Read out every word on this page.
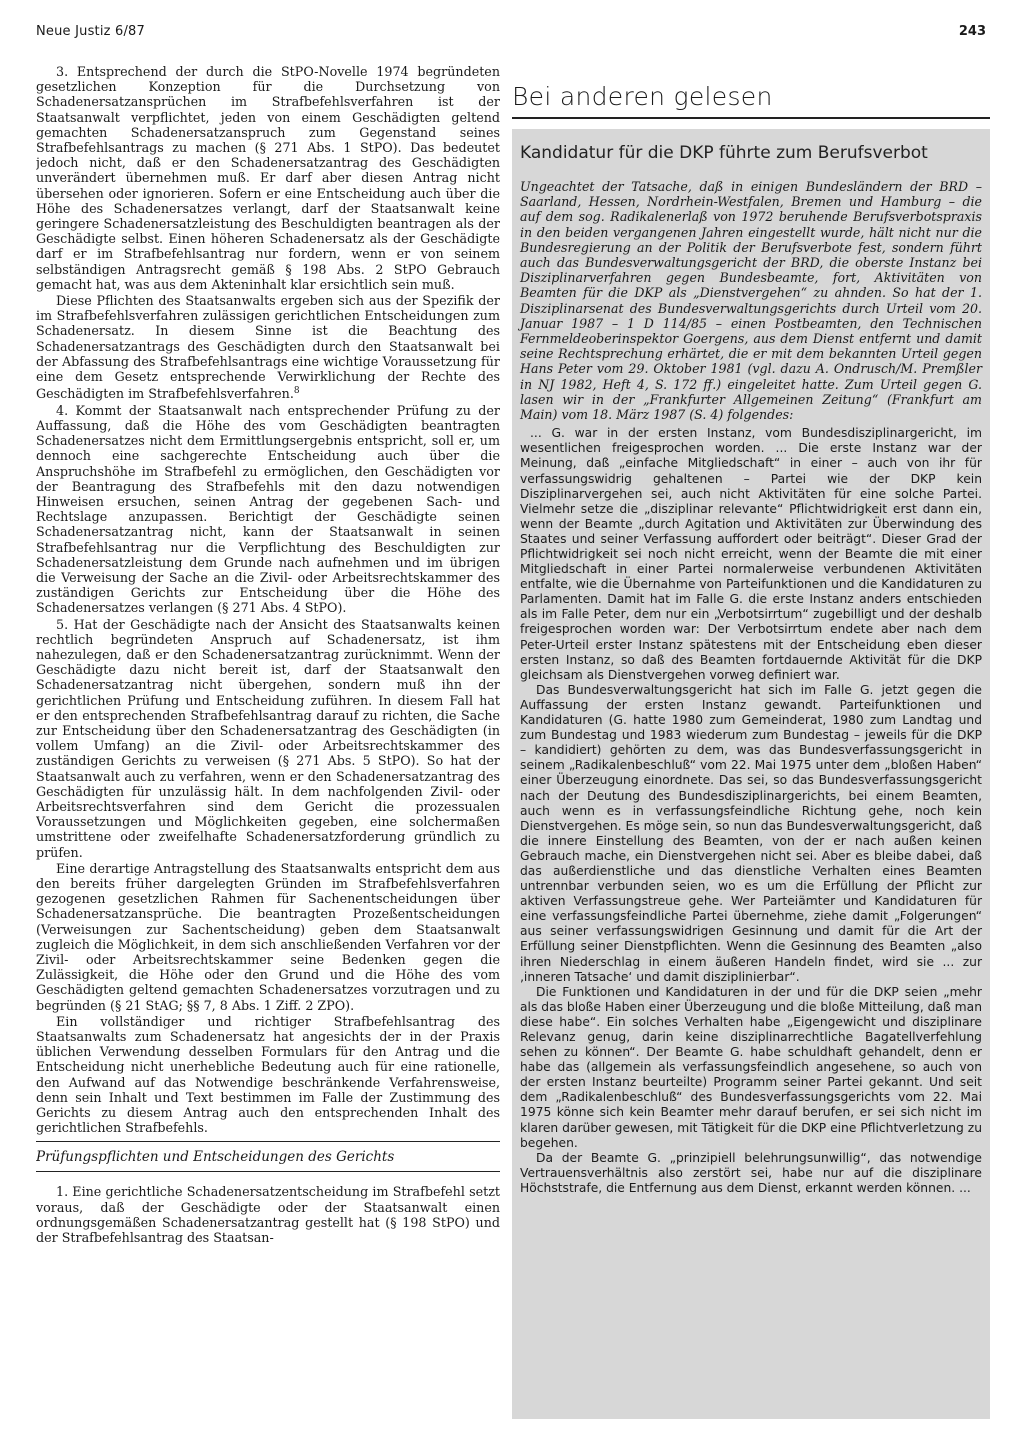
Neue Justiz 6/87	243

3. Entsprechend der durch die StPO-Novelle 1974 begründeten gesetzlichen Konzeption für die Durchsetzung von Schadenersatzansprüchen im Strafbefehlsverfahren ist der Staatsanwalt verpflichtet, jeden von einem Geschädigten geltend gemachten Schadenersatzanspruch zum Gegenstand seines Strafbefehlsantrags zu machen (§ 271 Abs. 1 StPO). Das bedeutet jedoch nicht, daß er den Schadenersatzantrag des Geschädigten unverändert übernehmen muß. Er darf aber diesen Antrag nicht übersehen oder ignorieren. Sofern er eine Entscheidung auch über die Höhe des Schadenersatzes verlangt, darf der Staatsanwalt keine geringere Schadenersatzleistung des Beschuldigten beantragen als der Geschädigte selbst. Einen höheren Schadenersatz als der Geschädigte darf er im Strafbefehlsantrag nur fordern, wenn er von seinem selbständigen Antragsrecht gemäß § 198 Abs. 2 StPO Gebrauch gemacht hat, was aus dem Akteninhalt klar ersichtlich sein muß.

Diese Pflichten des Staatsanwalts ergeben sich aus der Spezifik der im Strafbefehlsverfahren zulässigen gerichtlichen Entscheidungen zum Schadenersatz. In diesem Sinne ist die Beachtung des Schadenersatzantrags des Geschädigten durch den Staatsanwalt bei der Abfassung des Strafbefehlsantrags eine wichtige Voraussetzung für eine dem Gesetz entsprechende Verwirklichung der Rechte des Geschädigten im Strafbefehlsverfahren.$^8$

4. Kommt der Staatsanwalt nach entsprechender Prüfung zu der Auffassung, daß die Höhe des vom Geschädigten beantragten Schadenersatzes nicht dem Ermittlungsergebnis entspricht, soll er, um dennoch eine sachgerechte Entscheidung auch über die Anspruchshöhe im Strafbefehl zu ermöglichen, den Geschädigten vor der Beantragung des Strafbefehls mit den dazu notwendigen Hinweisen ersuchen, seinen Antrag der gegebenen Sach- und Rechtslage anzupassen. Berichtigt der Geschädigte seinen Schadenersatzantrag nicht, kann der Staatsanwalt in seinen Strafbefehlsantrag nur die Verpflichtung des Beschuldigten zur Schadenersatzleistung dem Grunde nach aufnehmen und im übrigen die Verweisung der Sache an die Zivil- oder Arbeitsrechtskammer des zuständigen Gerichts zur Entscheidung über die Höhe des Schadenersatzes verlangen (§ 271 Abs. 4 StPO).

5. Hat der Geschädigte nach der Ansicht des Staatsanwalts keinen rechtlich begründeten Anspruch auf Schadenersatz, ist ihm nahezulegen, daß er den Schadenersatzantrag zurücknimmt. Wenn der Geschädigte dazu nicht bereit ist, darf der Staatsanwalt den Schadenersatzantrag nicht übergehen, sondern muß ihn der gerichtlichen Prüfung und Entscheidung zuführen. In diesem Fall hat er den entsprechenden Strafbefehlsantrag darauf zu richten, die Sache zur Entscheidung über den Schadenersatzantrag des Geschädigten (in vollem Umfang) an die Zivil- oder Arbeitsrechtskammer des zuständigen Gerichts zu verweisen (§ 271 Abs. 5 StPO). So hat der Staatsanwalt auch zu verfahren, wenn er den Schadenersatzantrag des Geschädigten für unzulässig hält. In dem nachfolgenden Zivil- oder Arbeitsrechtsverfahren sind dem Gericht die prozessualen Voraussetzungen und Möglichkeiten gegeben, eine solchermaßen umstrittene oder zweifelhafte Schadenersatzforderung gründlich zu prüfen.

Eine derartige Antragstellung des Staatsanwalts entspricht dem aus den bereits früher dargelegten Gründen im Strafbefehlsverfahren gezogenen gesetzlichen Rahmen für Sachenentscheidungen über Schadenersatzansprüche. Die beantragten Prozeßentscheidungen (Verweisungen zur Sachentscheidung) geben dem Staatsanwalt zugleich die Möglichkeit, in dem sich anschließenden Verfahren vor der Zivil- oder Arbeitsrechtskammer seine Bedenken gegen die Zulässigkeit, die Höhe oder den Grund und die Höhe des vom Geschädigten geltend gemachten Schadenersatzes vorzutragen und zu begründen (§ 21 StAG; §§ 7, 8 Abs. 1 Ziff. 2 ZPO).

Ein vollständiger und richtiger Strafbefehlsantrag des Staatsanwalts zum Schadenersatz hat angesichts der in der Praxis üblichen Verwendung desselben Formulars für den Antrag und die Entscheidung nicht unerhebliche Bedeutung auch für eine rationelle, den Aufwand auf das Notwendige beschränkende Verfahrensweise, denn sein Inhalt und Text bestimmen im Falle der Zustimmung des Gerichts zu diesem Antrag auch den entsprechenden Inhalt des gerichtlichen Strafbefehls.

Prüfungspflichten und Entscheidungen des Gerichts

1. Eine gerichtliche Schadenersatzentscheidung im Strafbefehl setzt voraus, daß der Geschädigte oder der Staatsanwalt einen ordnungsgemäßen Schadenersatzantrag gestellt hat (§ 198 StPO) und der Strafbefehlsantrag des Staatsan-

Bei anderen gelesen
Kandidatur für die DKP führte zum Berufsverbot

Ungeachtet der Tatsache, daß in einigen Bundesländern der BRD – Saarland, Hessen, Nordrhein-Westfalen, Bremen und Hamburg – die auf dem sog. Radikalenerlaß von 1972 beruhende Berufsverbotspraxis in den beiden vergangenen Jahren eingestellt wurde, hält nicht nur die Bundesregierung an der Politik der Berufsverbote fest, sondern führt auch das Bundesverwaltungsgericht der BRD, die oberste Instanz bei Disziplinarverfahren gegen Bundesbeamte, fort, Aktivitäten von Beamten für die DKP als „Dienstvergehen“ zu ahnden. So hat der 1. Disziplinarsenat des Bundesverwaltungsgerichts durch Urteil vom 20. Januar 1987 – 1 D 114/85 – einen Postbeamten, den Technischen Fernmeldeoberinspektor Goergens, aus dem Dienst entfernt und damit seine Rechtsprechung erhärtet, die er mit dem bekannten Urteil gegen Hans Peter vom 29. Oktober 1981 (vgl. dazu A. Ondrusch/M. Premßler in NJ 1982, Heft 4, S. 172 ff.) eingeleitet hatte. Zum Urteil gegen G. lasen wir in der „Frankfurter Allgemeinen Zeitung“ (Frankfurt am Main) vom 18. März 1987 (S. 4) folgendes:

... G. war in der ersten Instanz, vom Bundesdisziplinargericht, im wesentlichen freigesprochen worden. ... Die erste Instanz war der Meinung, daß „einfache Mitgliedschaft“ in einer – auch von ihr für verfassungswidrig gehaltenen – Partei wie der DKP kein Disziplinarvergehen sei, auch nicht Aktivitäten für eine solche Partei. Vielmehr setze die „disziplinar relevante“ Pflichtwidrigkeit erst dann ein, wenn der Beamte „durch Agitation und Aktivitäten zur Überwindung des Staates und seiner Verfassung auffordert oder beiträgt“. Dieser Grad der Pflichtwidrigkeit sei noch nicht erreicht, wenn der Beamte die mit einer Mitgliedschaft in einer Partei normalerweise verbundenen Aktivitäten entfalte, wie die Übernahme von Parteifunktionen und die Kandidaturen zu Parlamenten. Damit hat im Falle G. die erste Instanz anders entschieden als im Falle Peter, dem nur ein „Verbotsirrtum“ zugebilligt und der deshalb freigesprochen worden war: Der Verbotsirrtum endete aber nach dem Peter-Urteil erster Instanz spätestens mit der Entscheidung eben dieser ersten Instanz, so daß des Beamten fortdauernde Aktivität für die DKP gleichsam als Dienstvergehen vorweg definiert war.

Das Bundesverwaltungsgericht hat sich im Falle G. jetzt gegen die Auffassung der ersten Instanz gewandt. Parteifunktionen und Kandidaturen (G. hatte 1980 zum Gemeinderat, 1980 zum Landtag und zum Bundestag und 1983 wiederum zum Bundestag – jeweils für die DKP – kandidiert) gehörten zu dem, was das Bundesverfassungsgericht in seinem „Radikalenbeschluß“ vom 22. Mai 1975 unter dem „bloßen Haben“ einer Überzeugung einordnete. Das sei, so das Bundesverfassungsgericht nach der Deutung des Bundesdisziplinargerichts, bei einem Beamten, auch wenn es in verfassungsfeindliche Richtung gehe, noch kein Dienstvergehen. Es möge sein, so nun das Bundesverwaltungsgericht, daß die innere Einstellung des Beamten, von der er nach außen keinen Gebrauch mache, ein Dienstvergehen nicht sei. Aber es bleibe dabei, daß das außerdienstliche und das dienstliche Verhalten eines Beamten untrennbar verbunden seien, wo es um die Erfüllung der Pflicht zur aktiven Verfassungstreue gehe. Wer Parteiämter und Kandidaturen für eine verfassungsfeindliche Partei übernehme, ziehe damit „Folgerungen“ aus seiner verfassungswidrigen Gesinnung und damit für die Art der Erfüllung seiner Dienstpflichten. Wenn die Gesinnung des Beamten „also ihren Niederschlag in einem äußeren Handeln findet, wird sie ... zur ‚inneren Tatsache‘ und damit disziplinierbar“.

Die Funktionen und Kandidaturen in der und für die DKP seien „mehr als das bloße Haben einer Überzeugung und die bloße Mitteilung, daß man diese habe“. Ein solches Verhalten habe „Eigengewicht und disziplinare Relevanz genug, darin keine disziplinarrechtliche Bagatellverfehlung sehen zu können“. Der Beamte G. habe schuldhaft gehandelt, denn er habe das (allgemein als verfassungsfeindlich angesehene, so auch von der ersten Instanz beurteilte) Programm seiner Partei gekannt. Und seit dem „Radikalenbeschluß“ des Bundesverfassungsgerichts vom 22. Mai 1975 könne sich kein Beamter mehr darauf berufen, er sei sich nicht im klaren darüber gewesen, mit Tätigkeit für die DKP eine Pflichtverletzung zu begehen.

Da der Beamte G. „prinzipiell belehrungsunwillig“, das notwendige Vertrauensverhältnis also zerstört sei, habe nur auf die disziplinare Höchststrafe, die Entfernung aus dem Dienst, erkannt werden können. ...
